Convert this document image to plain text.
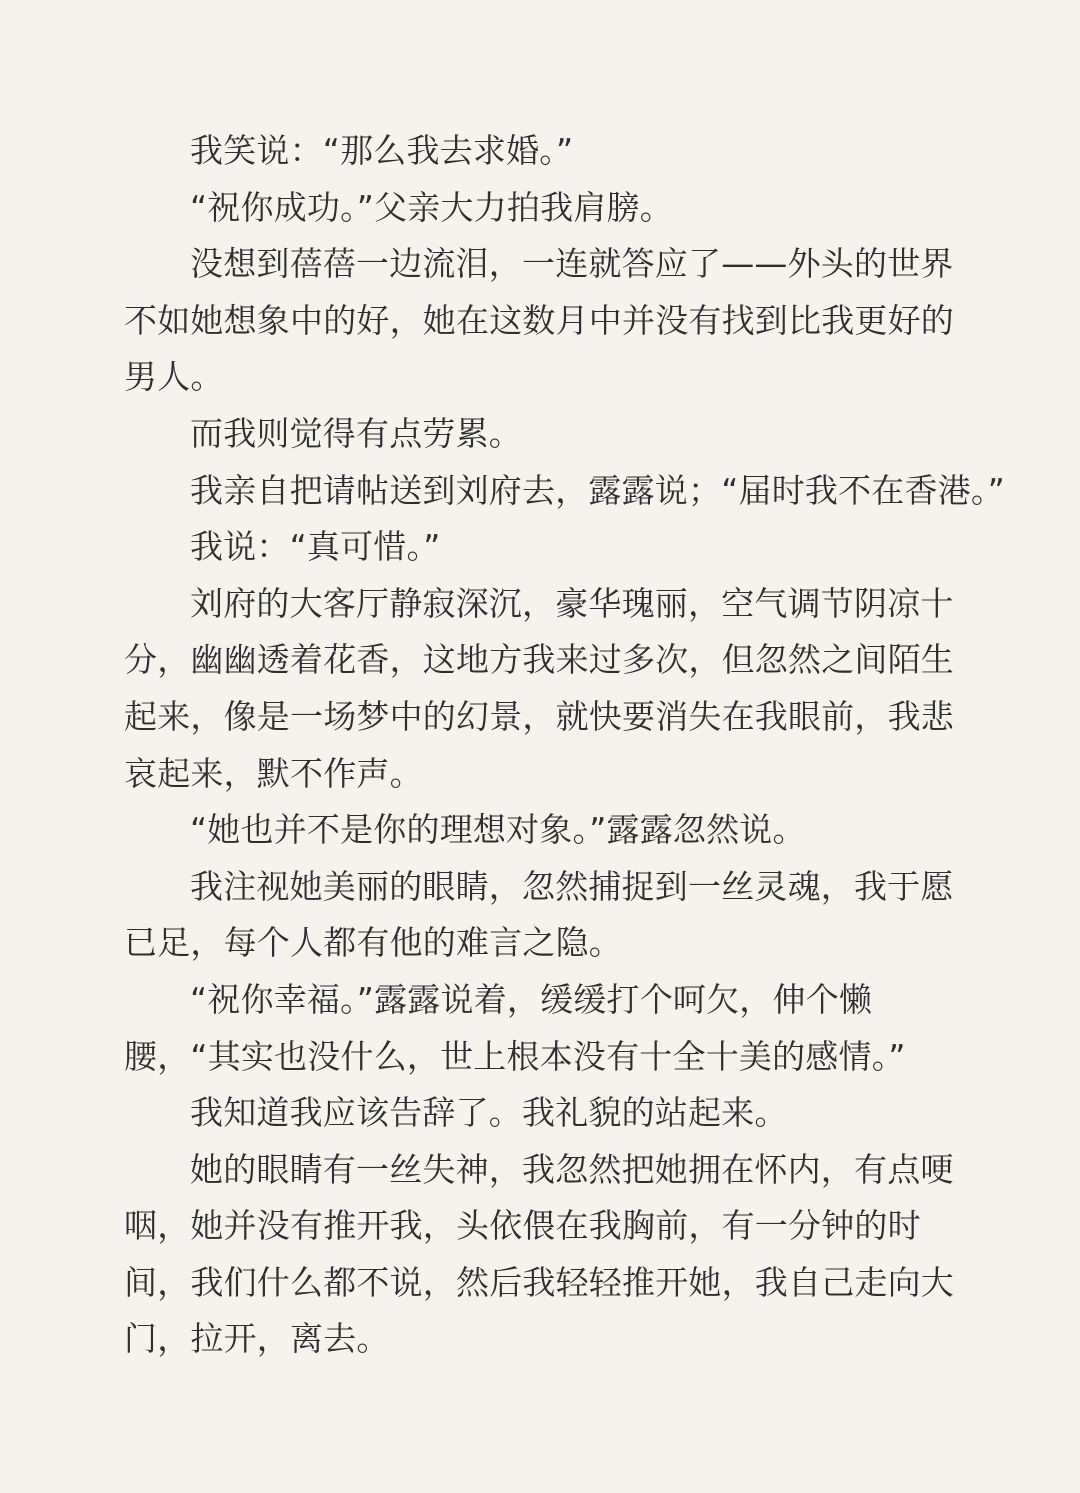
我笑说：“那么我去求婚。”

“祝你成功。”父亲大力拍我肩膀。

没想到蓓蓓一边流泪，一连就答应了——外头的世界不如她想象中的好，她在这数月中并没有找到比我更好的男人。

而我则觉得有点劳累。

我亲自把请帖送到刘府去，露露说；“届时我不在香港。”

我说：“真可惜。”

刘府的大客厅静寂深沉，豪华瑰丽，空气调节阴凉十分，幽幽透着花香，这地方我来过多次，但忽然之间陌生起来，像是一场梦中的幻景，就快要消失在我眼前，我悲哀起来，默不作声。

“她也并不是你的理想对象。”露露忽然说。

我注视她美丽的眼睛，忽然捕捉到一丝灵魂，我于愿已足，每个人都有他的难言之隐。

“祝你幸福。”露露说着，缓缓打个呵欠，伸个懒腰，“其实也没什么，世上根本没有十全十美的感情。”

我知道我应该告辞了。我礼貌的站起来。

她的眼睛有一丝失神，我忽然把她拥在怀内，有点哽咽，她并没有推开我，头依偎在我胸前，有一分钟的时间，我们什么都不说，然后我轻轻推开她，我自己走向大门，拉开，离去。
